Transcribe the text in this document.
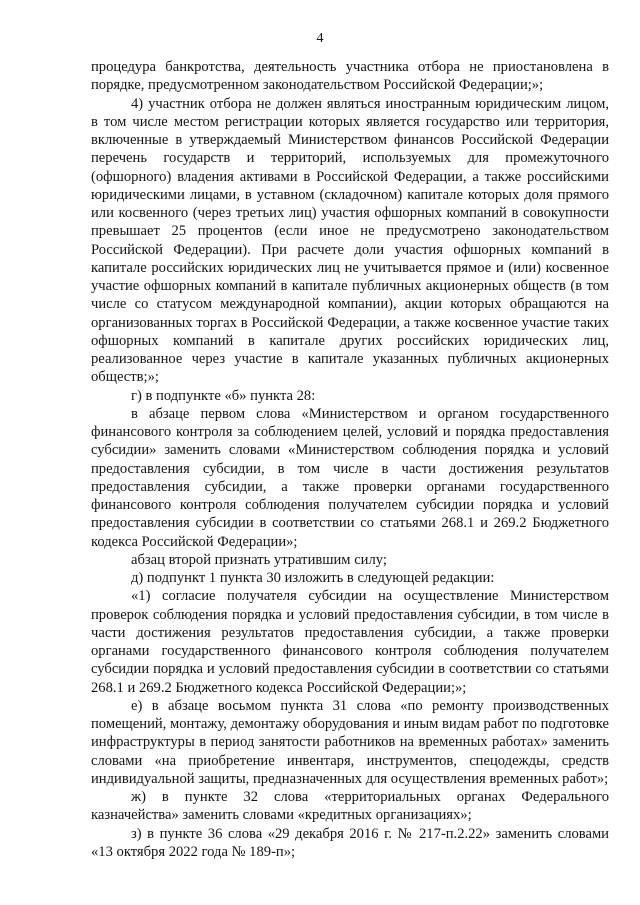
4

процедура банкротства, деятельность участника отбора не приостановлена в порядке, предусмотренном законодательством Российской Федерации;»;

4) участник отбора не должен являться иностранным юридическим лицом, в том числе местом регистрации которых является государство или территория, включенные в утверждаемый Министерством финансов Российской Федерации перечень государств и территорий, используемых для промежуточного (офшорного) владения активами в Российской Федерации, а также российскими юридическими лицами, в уставном (складочном) капитале которых доля прямого или косвенного (через третьих лиц) участия офшорных компаний в совокупности превышает 25 процентов (если иное не предусмотрено законодательством Российской Федерации). При расчете доли участия офшорных компаний в капитале российских юридических лиц не учитывается прямое и (или) косвенное участие офшорных компаний в капитале публичных акционерных обществ (в том числе со статусом международной компании), акции которых обращаются на организованных торгах в Российской Федерации, а также косвенное участие таких офшорных компаний в капитале других российских юридических лиц, реализованное через участие в капитале указанных публичных акционерных обществ;»;

г) в подпункте «б» пункта 28:

в абзаце первом слова «Министерством и органом государственного финансового контроля за соблюдением целей, условий и порядка предоставления субсидии» заменить словами «Министерством соблюдения порядка и условий предоставления субсидии, в том числе в части достижения результатов предоставления субсидии, а также проверки органами государственного финансового контроля соблюдения получателем субсидии порядка и условий предоставления субсидии в соответствии со статьями 268.1 и 269.2 Бюджетного кодекса Российской Федерации»;

абзац второй признать утратившим силу;

д) подпункт 1 пункта 30 изложить в следующей редакции:

«1) согласие получателя субсидии на осуществление Министерством проверок соблюдения порядка и условий предоставления субсидии, в том числе в части достижения результатов предоставления субсидии, а также проверки органами государственного финансового контроля соблюдения получателем субсидии порядка и условий предоставления субсидии в соответствии со статьями 268.1 и 269.2 Бюджетного кодекса Российской Федерации;»;

е) в абзаце восьмом пункта 31 слова «по ремонту производственных помещений, монтажу, демонтажу оборудования и иным видам работ по подготовке инфраструктуры в период занятости работников на временных работах» заменить словами «на приобретение инвентаря, инструментов, спецодежды, средств индивидуальной защиты, предназначенных для осуществления временных работ»;

ж) в пункте 32 слова «территориальных органах Федерального казначейства» заменить словами «кредитных организациях»;

з) в пункте 36 слова «29 декабря 2016 г. № 217-п.2.22» заменить словами «13 октября 2022 года № 189-п»;
